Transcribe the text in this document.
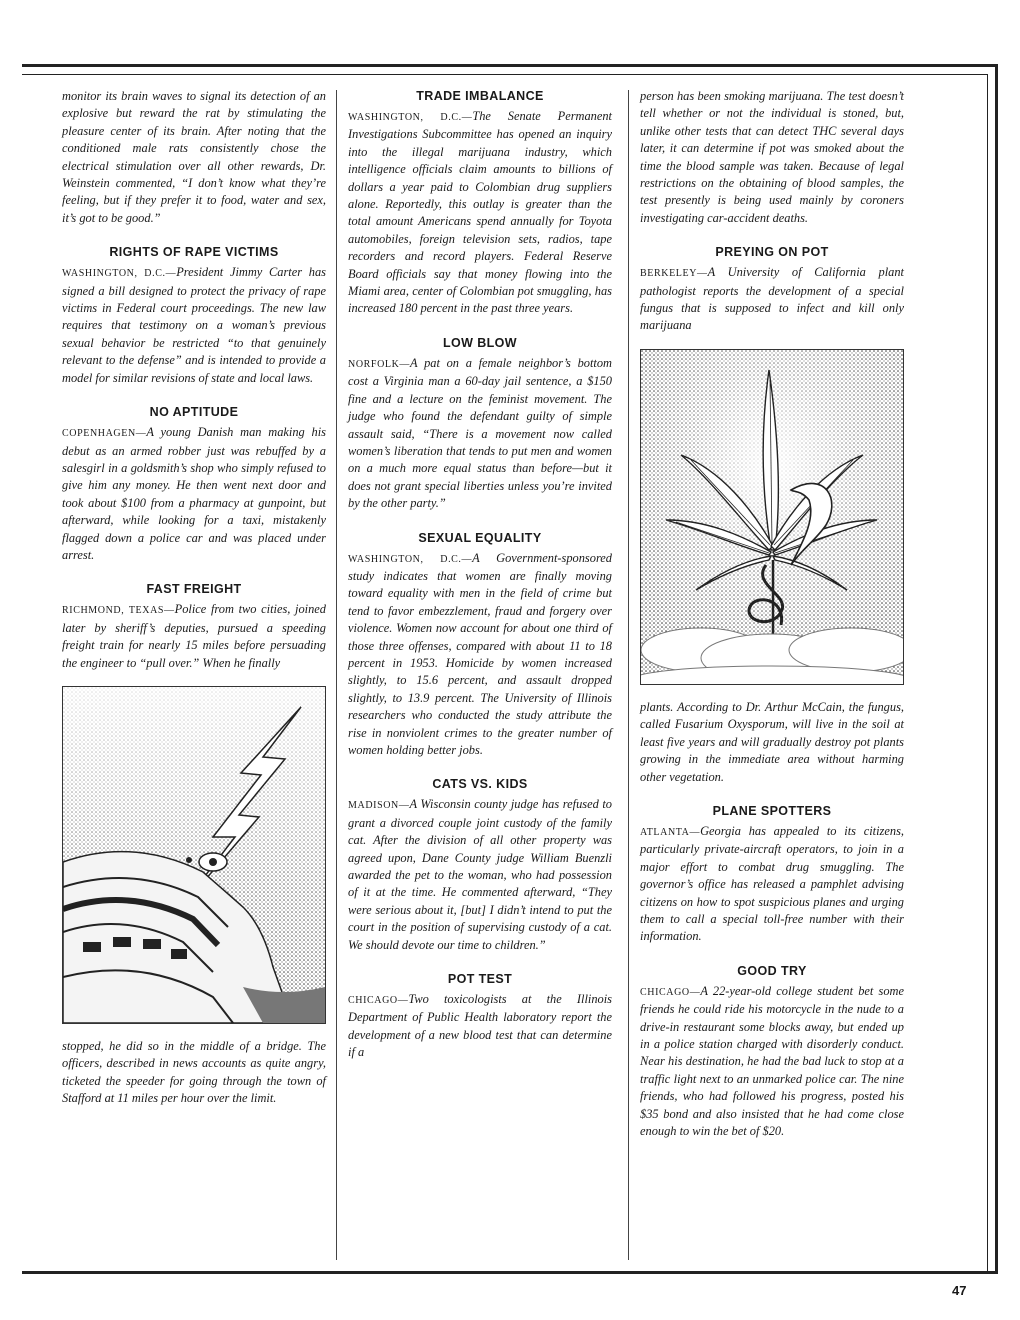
monitor its brain waves to signal its detection of an explosive but reward the rat by stimulating the pleasure center of its brain. After noting that the conditioned male rats consistently chose the electrical stimulation over all other rewards, Dr. Weinstein commented, “I don’t know what they’re feeling, but if they prefer it to food, water and sex, it’s got to be good.”

RIGHTS OF RAPE VICTIMS

WASHINGTON, D.C.—President Jimmy Carter has signed a bill designed to protect the privacy of rape victims in Federal court proceedings. The new law requires that testimony on a woman’s previous sexual behavior be restricted “to that genuinely relevant to the defense” and is intended to provide a model for similar revisions of state and local laws.

NO APTITUDE

COPENHAGEN—A young Danish man making his debut as an armed robber just was rebuffed by a salesgirl in a goldsmith’s shop who simply refused to give him any money. He then went next door and took about $100 from a pharmacy at gunpoint, but afterward, while looking for a taxi, mistakenly flagged down a police car and was placed under arrest.

FAST FREIGHT

RICHMOND, TEXAS—Police from two cities, joined later by sheriff’s deputies, pursued a speeding freight train for nearly 15 miles before persuading the engineer to “pull over.” When he finally

stopped, he did so in the middle of a bridge. The officers, described in news accounts as quite angry, ticketed the speeder for going through the town of Stafford at 11 miles per hour over the limit.

TRADE IMBALANCE

WASHINGTON, D.C.—The Senate Permanent Investigations Subcommittee has opened an inquiry into the illegal marijuana industry, which intelligence officials claim amounts to billions of dollars a year paid to Colombian drug suppliers alone. Reportedly, this outlay is greater than the total amount Americans spend annually for Toyota automobiles, foreign television sets, radios, tape recorders and record players. Federal Reserve Board officials say that money flowing into the Miami area, center of Colombian pot smuggling, has increased 180 percent in the past three years.

LOW BLOW

NORFOLK—A pat on a female neighbor’s bottom cost a Virginia man a 60-day jail sentence, a $150 fine and a lecture on the feminist movement. The judge who found the defendant guilty of simple assault said, “There is a movement now called women’s liberation that tends to put men and women on a much more equal status than before—but it does not grant special liberties unless you’re invited by the other party.”

SEXUAL EQUALITY

WASHINGTON, D.C.—A Government-sponsored study indicates that women are finally moving toward equality with men in the field of crime but tend to favor embezzlement, fraud and forgery over violence. Women now account for about one third of those three offenses, compared with about 11 to 18 percent in 1953. Homicide by women increased slightly, to 15.6 percent, and assault dropped slightly, to 13.9 percent. The University of Illinois researchers who conducted the study attribute the rise in nonviolent crimes to the greater number of women holding better jobs.

CATS VS. KIDS

MADISON—A Wisconsin county judge has refused to grant a divorced couple joint custody of the family cat. After the division of all other property was agreed upon, Dane County judge William Buenzli awarded the pet to the woman, who had possession of it at the time. He commented afterward, “They were serious about it, [but] I didn’t intend to put the court in the position of supervising custody of a cat. We should devote our time to children.”

POT TEST

CHICAGO—Two toxicologists at the Illinois Department of Public Health laboratory report the development of a new blood test that can determine if a

person has been smoking marijuana. The test doesn’t tell whether or not the individual is stoned, but, unlike other tests that can detect THC several days later, it can determine if pot was smoked about the time the blood sample was taken. Because of legal restrictions on the obtaining of blood samples, the test presently is being used mainly by coroners investigating car-accident deaths.

PREYING ON POT

BERKELEY—A University of California plant pathologist reports the development of a special fungus that is supposed to infect and kill only marijuana

plants. According to Dr. Arthur McCain, the fungus, called Fusarium Oxysporum, will live in the soil at least five years and will gradually destroy pot plants growing in the immediate area without harming other vegetation.

PLANE SPOTTERS

ATLANTA—Georgia has appealed to its citizens, particularly private-aircraft operators, to join in a major effort to combat drug smuggling. The governor’s office has released a pamphlet advising citizens on how to spot suspicious planes and urging them to call a special toll-free number with their information.

GOOD TRY

CHICAGO—A 22-year-old college student bet some friends he could ride his motorcycle in the nude to a drive-in restaurant some blocks away, but ended up in a police station charged with disorderly conduct. Near his destination, he had the bad luck to stop at a traffic light next to an unmarked police car. The nine friends, who had followed his progress, posted his $35 bond and also insisted that he had come close enough to win the bet of $20.

47
